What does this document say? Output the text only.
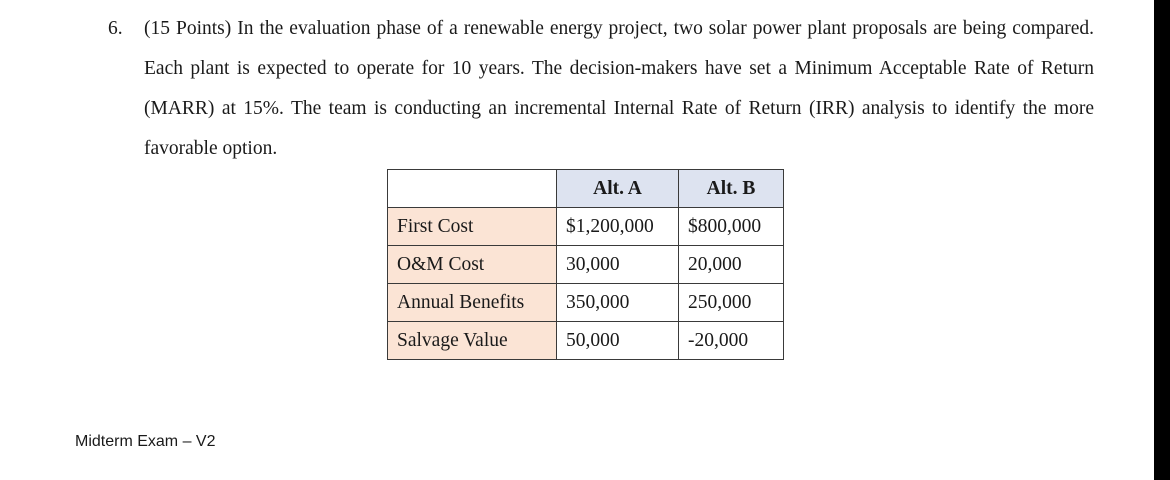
6. (15 Points) In the evaluation phase of a renewable energy project, two solar power plant proposals are being compared. Each plant is expected to operate for 10 years. The decision-makers have set a Minimum Acceptable Rate of Return (MARR) at 15%. The team is conducting an incremental Internal Rate of Return (IRR) analysis to identify the more favorable option.
	Alt. A	Alt. B
First Cost	$1,200,000	$800,000
O&M Cost	30,000	20,000
Annual Benefits	350,000	250,000
Salvage Value	50,000	-20,000
Midterm Exam – V2
